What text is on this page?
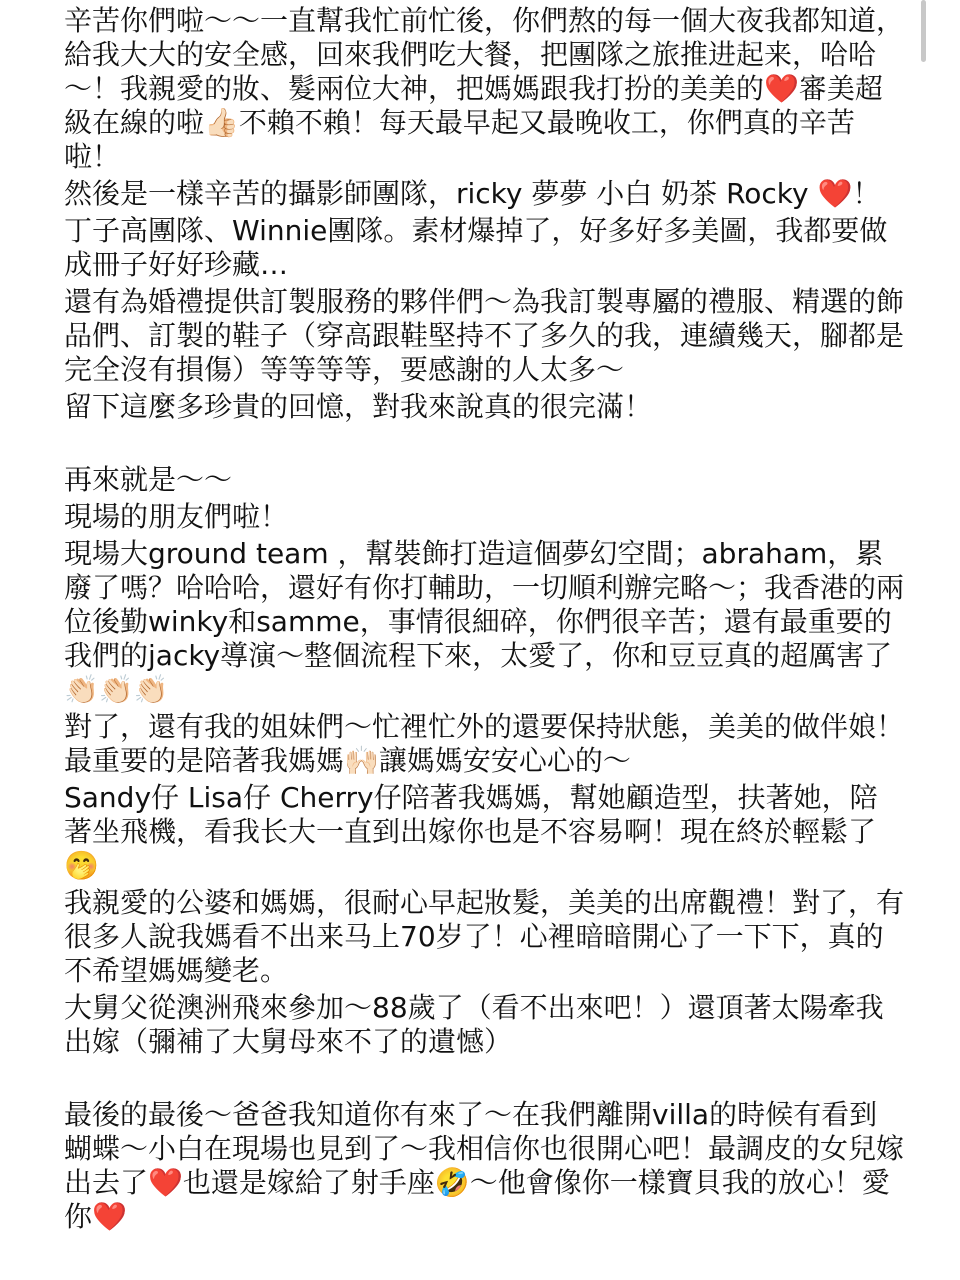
辛苦你們啦～～一直幫我忙前忙後，你們熬的每一個大夜我都知道，給我大大的安全感，回來我們吃大餐，把團隊之旅推进起来，哈哈～！我親愛的妝、髮兩位大神，把媽媽跟我打扮的美美的❤️審美超級在線的啦👍🏻不賴不賴！每天最早起又最晚收工，你們真的辛苦啦！

然後是一樣辛苦的攝影師團隊，ricky 夢夢 小白 奶茶 Rocky ❤️！

丁子高團隊、Winnie團隊。素材爆掉了，好多好多美圖，我都要做成冊子好好珍藏…

還有為婚禮提供訂製服務的夥伴們～為我訂製專屬的禮服、精選的飾品們、訂製的鞋子（穿高跟鞋堅持不了多久的我，連續幾天，腳都是完全沒有損傷）等等等等，要感謝的人太多～

留下這麼多珍貴的回憶，對我來說真的很完滿！

再來就是～～

現場的朋友們啦！

現場大ground team ，幫裝飾打造這個夢幻空間；abraham，累廢了嗎？哈哈哈，還好有你打輔助，一切順利辦完略～；我香港的兩位後勤winky和samme，事情很細碎，你們很辛苦；還有最重要的我們的jacky導演～整個流程下來，太愛了，你和豆豆真的超厲害了👏🏻👏🏻👏🏻

對了，還有我的姐妹們～忙裡忙外的還要保持狀態，美美的做伴娘！最重要的是陪著我媽媽🙌🏻讓媽媽安安心心的～

Sandy仔 Lisa仔 Cherry仔陪著我媽媽，幫她顧造型，扶著她，陪著坐飛機，看我长大一直到出嫁你也是不容易啊！現在終於輕鬆了🤭

我親愛的公婆和媽媽，很耐心早起妝髮，美美的出席觀禮！對了，有很多人說我媽看不出来马上70岁了！心裡暗暗開心了一下下，真的不希望媽媽變老。

大舅父從澳洲飛來參加～88歲了（看不出來吧！）還頂著太陽牽我出嫁（彌補了大舅母來不了的遺憾）

最後的最後～爸爸我知道你有來了～在我們離開villa的時候有看到蝴蝶～小白在現場也見到了～我相信你也很開心吧！最調皮的女兒嫁出去了❤️也還是嫁給了射手座🤣～他會像你一樣寶貝我的放心！愛你❤️
